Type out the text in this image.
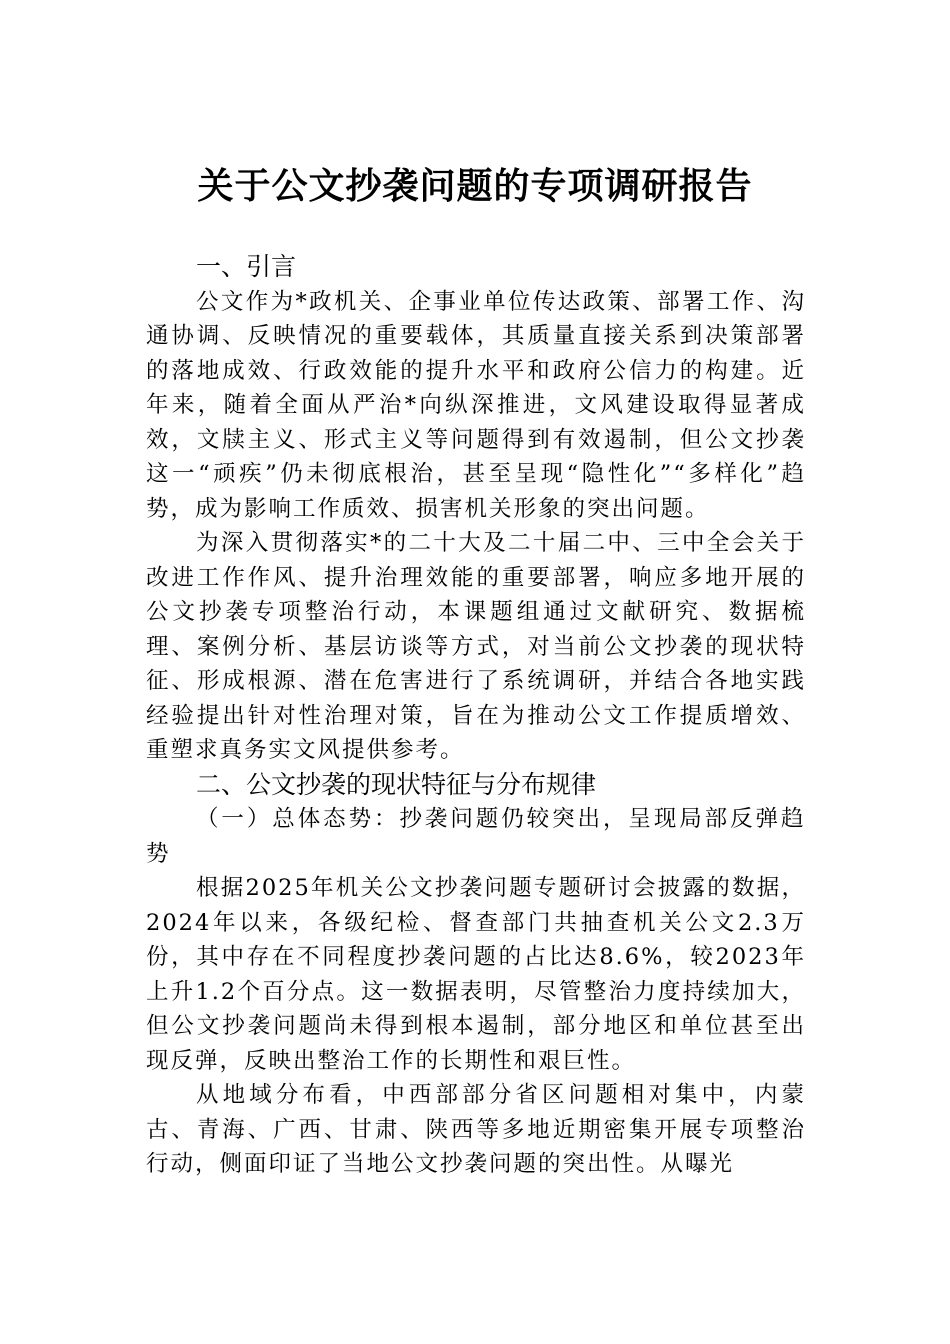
关于公文抄袭问题的专项调研报告

一、引言

公文作为*政机关、企事业单位传达政策、部署工作、沟通协调、反映情况的重要载体，其质量直接关系到决策部署的落地成效、行政效能的提升水平和政府公信力的构建。近年来，随着全面从严治*向纵深推进，文风建设取得显著成效，文牍主义、形式主义等问题得到有效遏制，但公文抄袭这一“顽疾”仍未彻底根治，甚至呈现“隐性化”“多样化”趋势，成为影响工作质效、损害机关形象的突出问题。

为深入贯彻落实*的二十大及二十届二中、三中全会关于改进工作作风、提升治理效能的重要部署，响应多地开展的公文抄袭专项整治行动，本课题组通过文献研究、数据梳理、案例分析、基层访谈等方式，对当前公文抄袭的现状特征、形成根源、潜在危害进行了系统调研，并结合各地实践经验提出针对性治理对策，旨在为推动公文工作提质增效、重塑求真务实文风提供参考。

二、公文抄袭的现状特征与分布规律

（一）总体态势：抄袭问题仍较突出，呈现局部反弹趋势

根据2025年机关公文抄袭问题专题研讨会披露的数据，2024年以来，各级纪检、督查部门共抽查机关公文2.3万份，其中存在不同程度抄袭问题的占比达8.6%，较2023年上升1.2个百分点。这一数据表明，尽管整治力度持续加大，但公文抄袭问题尚未得到根本遏制，部分地区和单位甚至出现反弹，反映出整治工作的长期性和艰巨性。

从地域分布看，中西部部分省区问题相对集中，内蒙古、青海、广西、甘肃、陕西等多地近期密集开展专项整治行动，侧面印证了当地公文抄袭问题的突出性。从曝光
